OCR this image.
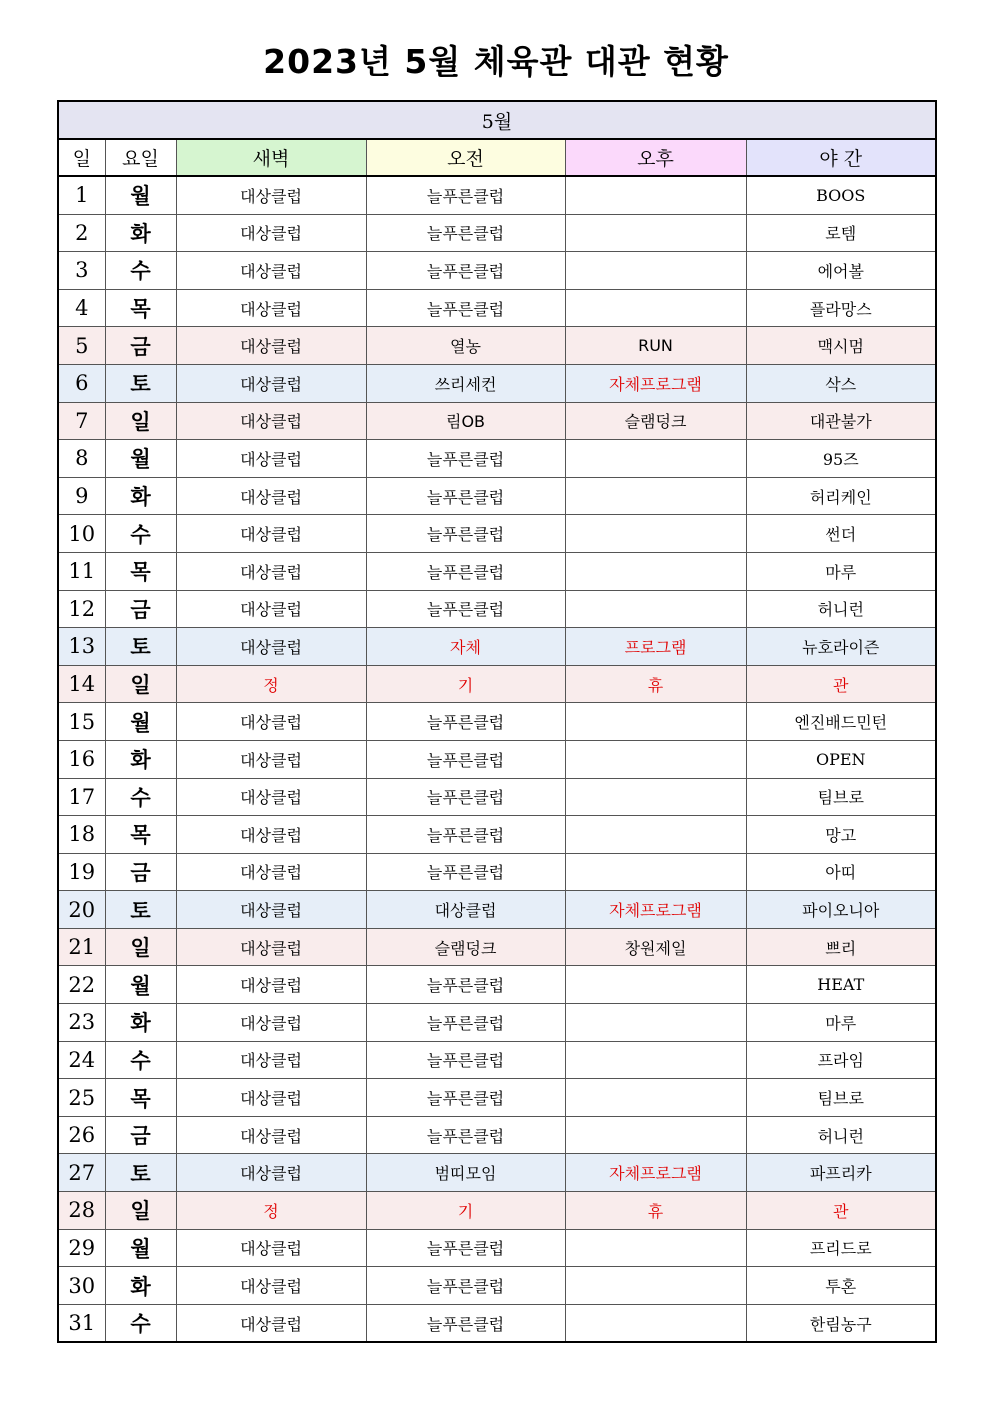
2023년 5월 체육관 대관 현황
5월					
일	요일	새벽	오전	오후	야 간
1	월	대상클럽	늘푸른클럽		BOOS
2	화	대상클럽	늘푸른클럽		로템
3	수	대상클럽	늘푸른클럽		에어볼
4	목	대상클럽	늘푸른클럽		플라망스
5	금	대상클럽	열농	RUN	맥시멈
6	토	대상클럽	쓰리세컨	자체프로그램	삭스
7	일	대상클럽	림OB	슬램덩크	대관불가
8	월	대상클럽	늘푸른클럽		95즈
9	화	대상클럽	늘푸른클럽		허리케인
10	수	대상클럽	늘푸른클럽		썬더
11	목	대상클럽	늘푸른클럽		마루
12	금	대상클럽	늘푸른클럽		허니런
13	토	대상클럽	자체	프로그램	뉴호라이즌
14	일	정	기	휴	관
15	월	대상클럽	늘푸른클럽		엔진배드민턴
16	화	대상클럽	늘푸른클럽		OPEN
17	수	대상클럽	늘푸른클럽		팀브로
18	목	대상클럽	늘푸른클럽		망고
19	금	대상클럽	늘푸른클럽		아띠
20	토	대상클럽	대상클럽	자체프로그램	파이오니아
21	일	대상클럽	슬램덩크	창원제일	쁘리
22	월	대상클럽	늘푸른클럽		HEAT
23	화	대상클럽	늘푸른클럽		마루
24	수	대상클럽	늘푸른클럽		프라임
25	목	대상클럽	늘푸른클럽		팀브로
26	금	대상클럽	늘푸른클럽		허니런
27	토	대상클럽	범띠모임	자체프로그램	파프리카
28	일	정	기	휴	관
29	월	대상클럽	늘푸른클럽		프리드로
30	화	대상클럽	늘푸른클럽		투혼
31	수	대상클럽	늘푸른클럽		한림농구
